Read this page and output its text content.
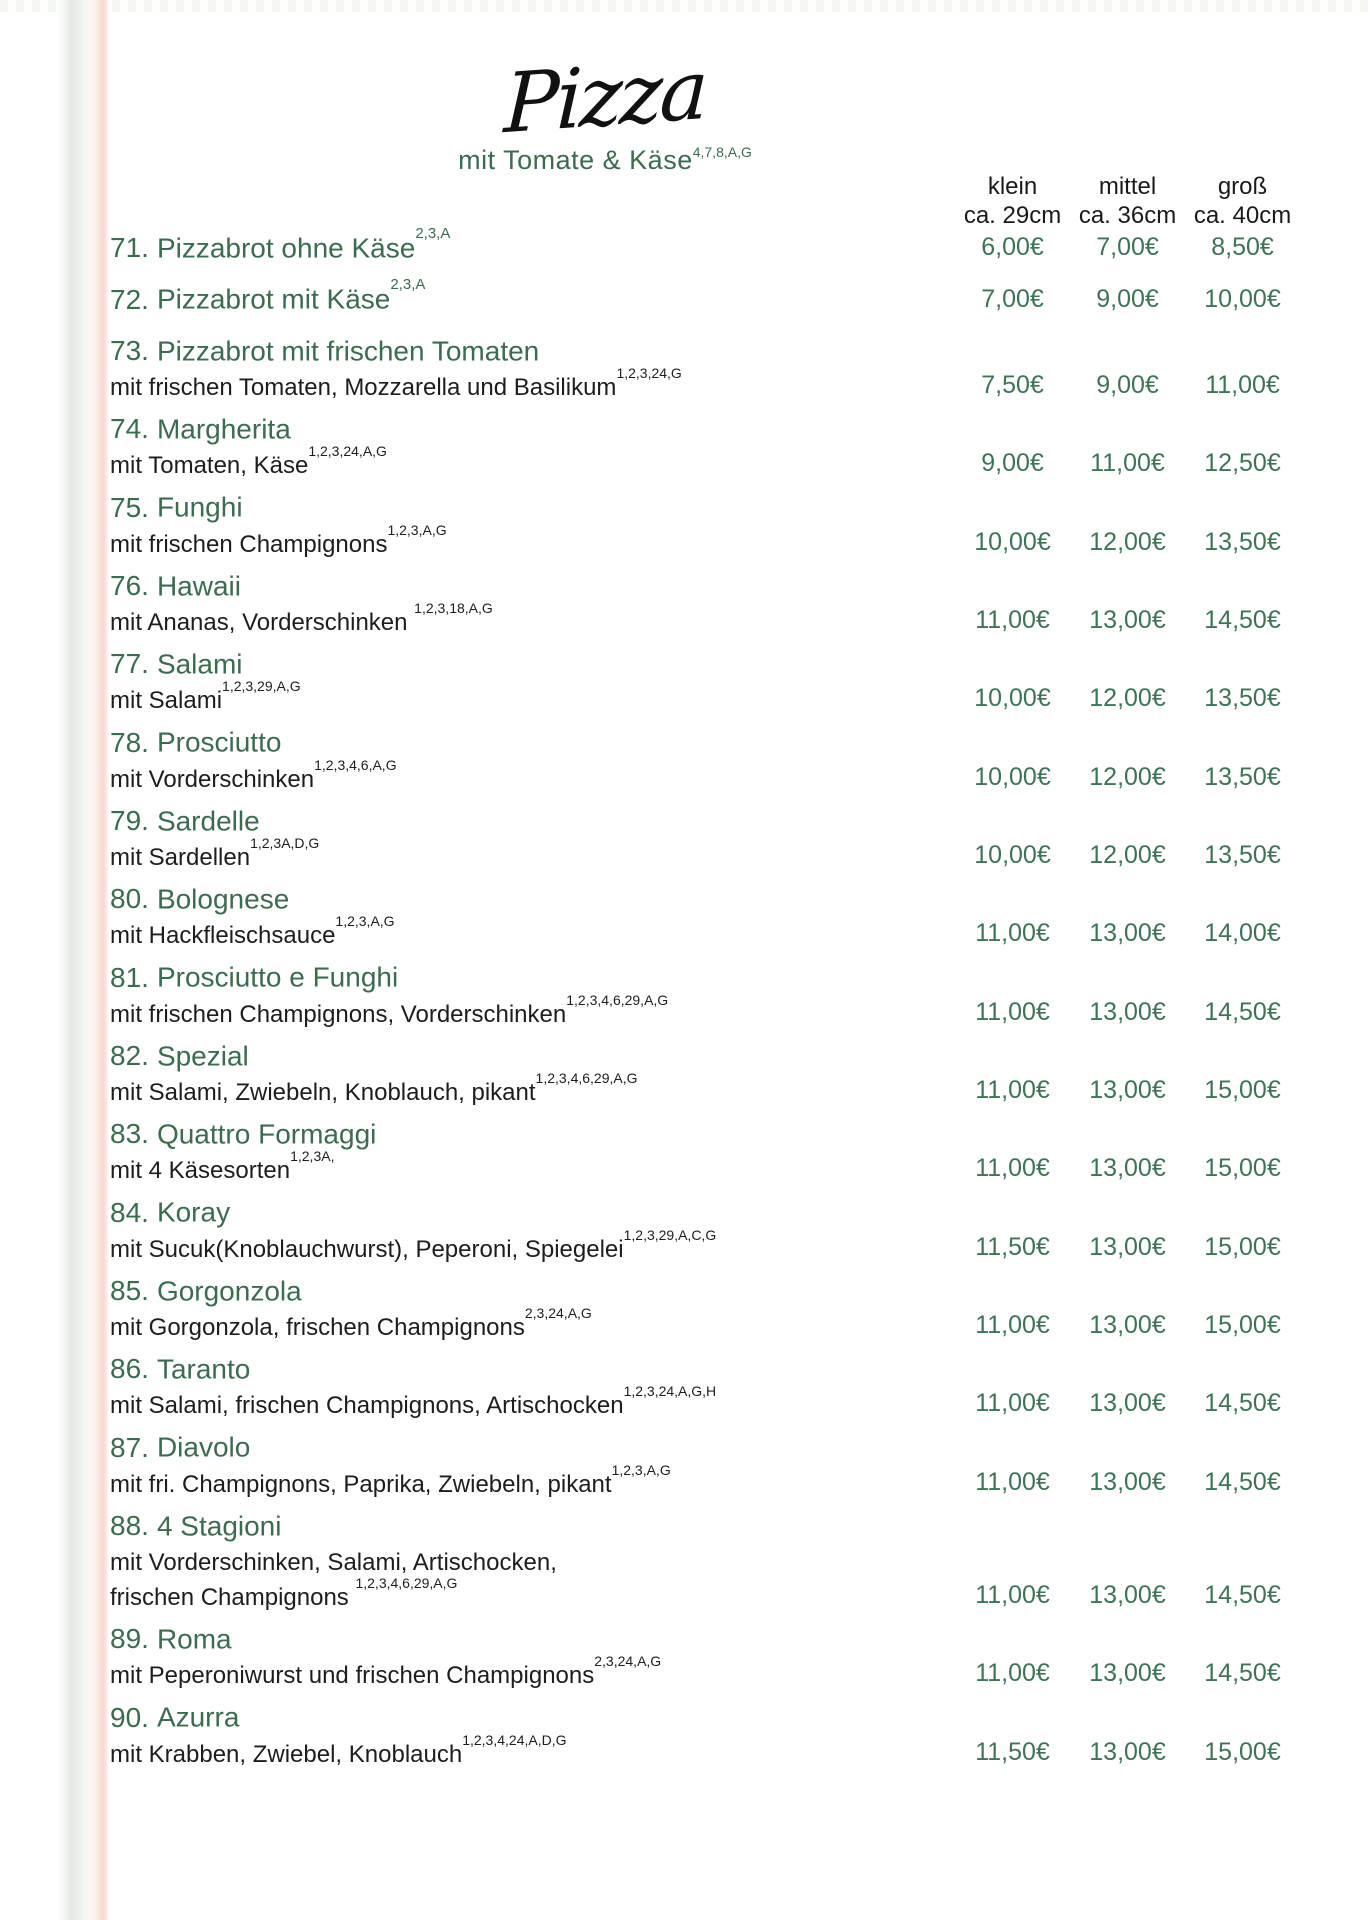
Pizza
mit Tomate & Käse$^{4,7,8,A,G}$
klein	mittel	groß
ca. 29cm ca. 36cm ca. 40cm
71. Pizzabrot ohne Käse$^{2,3,A}$	6,00€	7,00€	8,50€
72. Pizzabrot mit Käse$^{2,3,A}$	7,00€	9,00€	10,00€
73. Pizzabrot mit frischen Tomaten
mit frischen Tomaten, Mozzarella und Basilikum$^{1,2,3,24,G}$	7,50€	9,00€	11,00€
74. Margherita
mit Tomaten, Käse$^{1,2,3,24,A,G}$	9,00€	11,00€	12,50€
75. Funghi
mit frischen Champignons$^{1,2,3,A,G}$	10,00€	12,00€	13,50€
76. Hawaii
mit Ananas, Vorderschinken $^{1,2,3,18,A,G}$	11,00€	13,00€	14,50€
77. Salami
mit Salami$^{1,2,3,29,A,G}$	10,00€	12,00€	13,50€
78. Prosciutto
mit Vorderschinken$^{1,2,3,4,6,A,G}$	10,00€	12,00€	13,50€
79. Sardelle
mit Sardellen$^{1,2,3A,D,G}$	10,00€	12,00€	13,50€
80. Bolognese
mit Hackfleischsauce$^{1,2,3,A,G}$	11,00€	13,00€	14,00€
81. Prosciutto e Funghi
mit frischen Champignons, Vorderschinken$^{1,2,3,4,6,29,A,G}$	11,00€	13,00€	14,50€
82. Spezial
mit Salami, Zwiebeln, Knoblauch, pikant$^{1,2,3,4,6,29,A,G}$	11,00€	13,00€	15,00€
83. Quattro Formaggi
mit 4 Käsesorten$^{1,2,3A,}$	11,00€	13,00€	15,00€
84. Koray
mit Sucuk(Knoblauchwurst), Peperoni, Spiegelei$^{1,2,3,29,A,C,G}$	11,50€	13,00€	15,00€
85. Gorgonzola
mit Gorgonzola, frischen Champignons$^{2,3,24,A,G}$	11,00€	13,00€	15,00€
86. Taranto
mit Salami, frischen Champignons, Artischocken$^{1,2,3,24,A,G,H}$	11,00€	13,00€	14,50€
87. Diavolo
mit fri. Champignons, Paprika, Zwiebeln, pikant$^{1,2,3,A,G}$	11,00€	13,00€	14,50€
88. 4 Stagioni
mit Vorderschinken, Salami, Artischocken,
frischen Champignons $^{1,2,3,4,6,29,A,G}$	11,00€	13,00€	14,50€
89. Roma
mit Peperoniwurst und frischen Champignons$^{2,3,24,A,G}$	11,00€	13,00€	14,50€
90. Azurra
mit Krabben, Zwiebel, Knoblauch$^{1,2,3,4,24,A,D,G}$	11,50€	13,00€	15,00€
